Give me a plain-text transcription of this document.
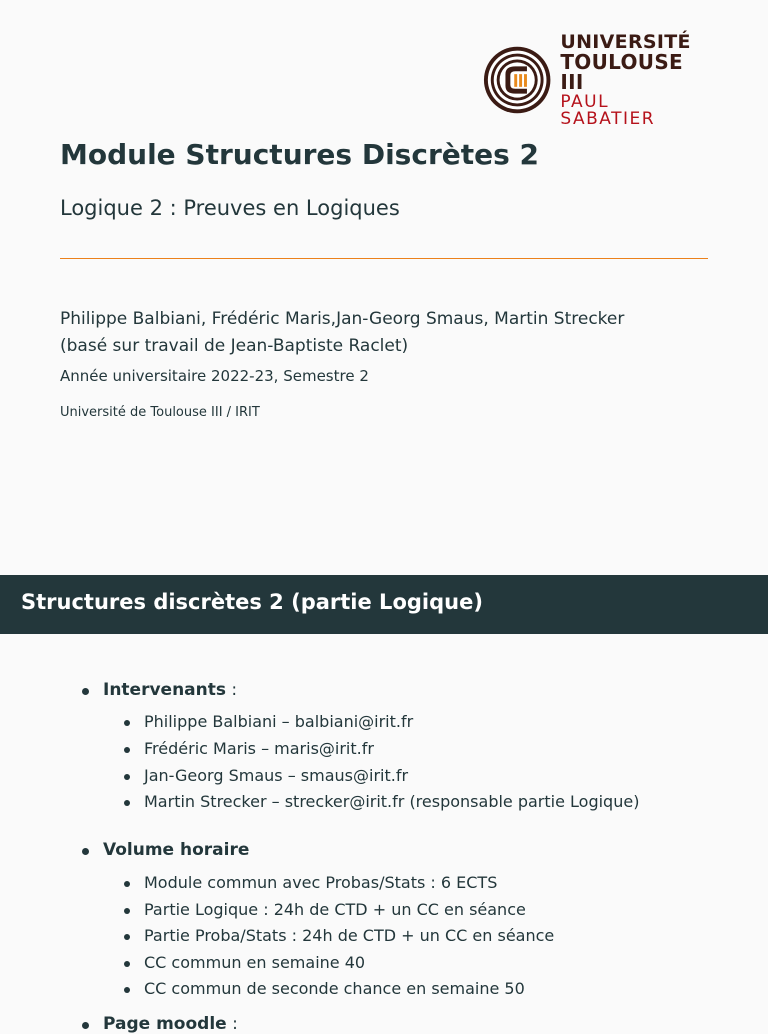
UNIVERSITÉ
TOULOUSE III
PAUL SABATIER
Module Structures Discrètes 2
Logique 2 : Preuves en Logiques
Philippe Balbiani, Frédéric Maris,Jan-Georg Smaus, Martin Strecker
(basé sur travail de Jean-Baptiste Raclet)
Année universitaire 2022-23, Semestre 2
Université de Toulouse III / IRIT
Structures discrètes 2 (partie Logique)
Intervenants :
Philippe Balbiani – balbiani@irit.fr
Frédéric Maris – maris@irit.fr
Jan-Georg Smaus – smaus@irit.fr
Martin Strecker – strecker@irit.fr (responsable partie Logique)
Volume horaire
Module commun avec Probas/Stats : 6 ECTS
Partie Logique : 24h de CTD + un CC en séance
Partie Proba/Stats : 24h de CTD + un CC en séance
CC commun en semaine 40
CC commun de seconde chance en semaine 50
Page moodle :
